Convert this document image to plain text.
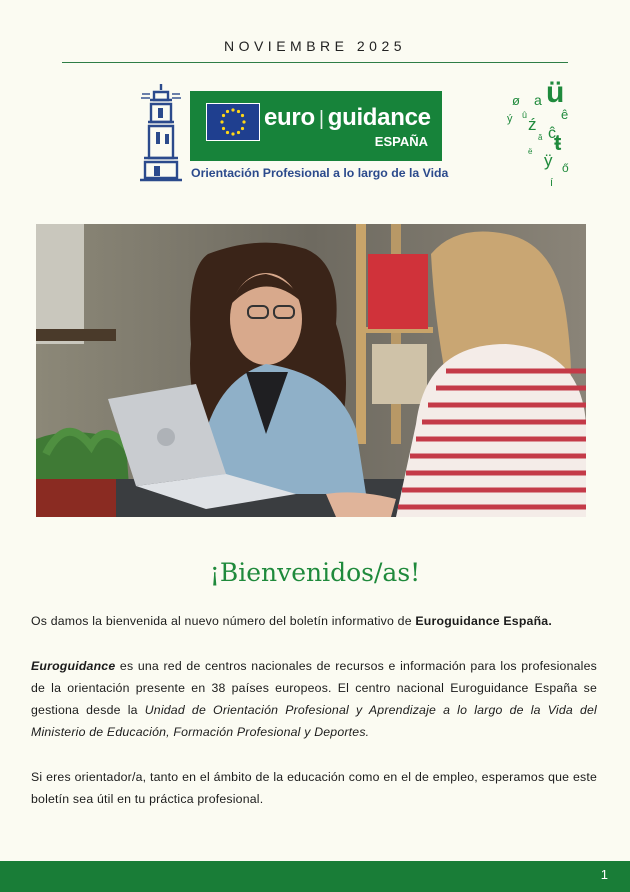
NOVIEMBRE 2025
euro | guidance
ESPAÑA
Orientación Profesional a lo largo de la Vida
ø a ü
ý û ź ĉ
ê
ă ŧ
ë ÿ ő
í
¡Bienvenidos/as!
Os damos la bienvenida al nuevo número del boletín informativo de Euroguidance España.
Euroguidance es una red de centros nacionales de recursos e información para los profesionales de la orientación presente en 38 países europeos. El centro nacional Euroguidance España se gestiona desde la Unidad de Orientación Profesional y Aprendizaje a lo largo de la Vida del Ministerio de Educación, Formación Profesional y Deportes.
Si eres orientador/a, tanto en el ámbito de la educación como en el de empleo, esperamos que este boletín sea útil en tu práctica profesional.
1
